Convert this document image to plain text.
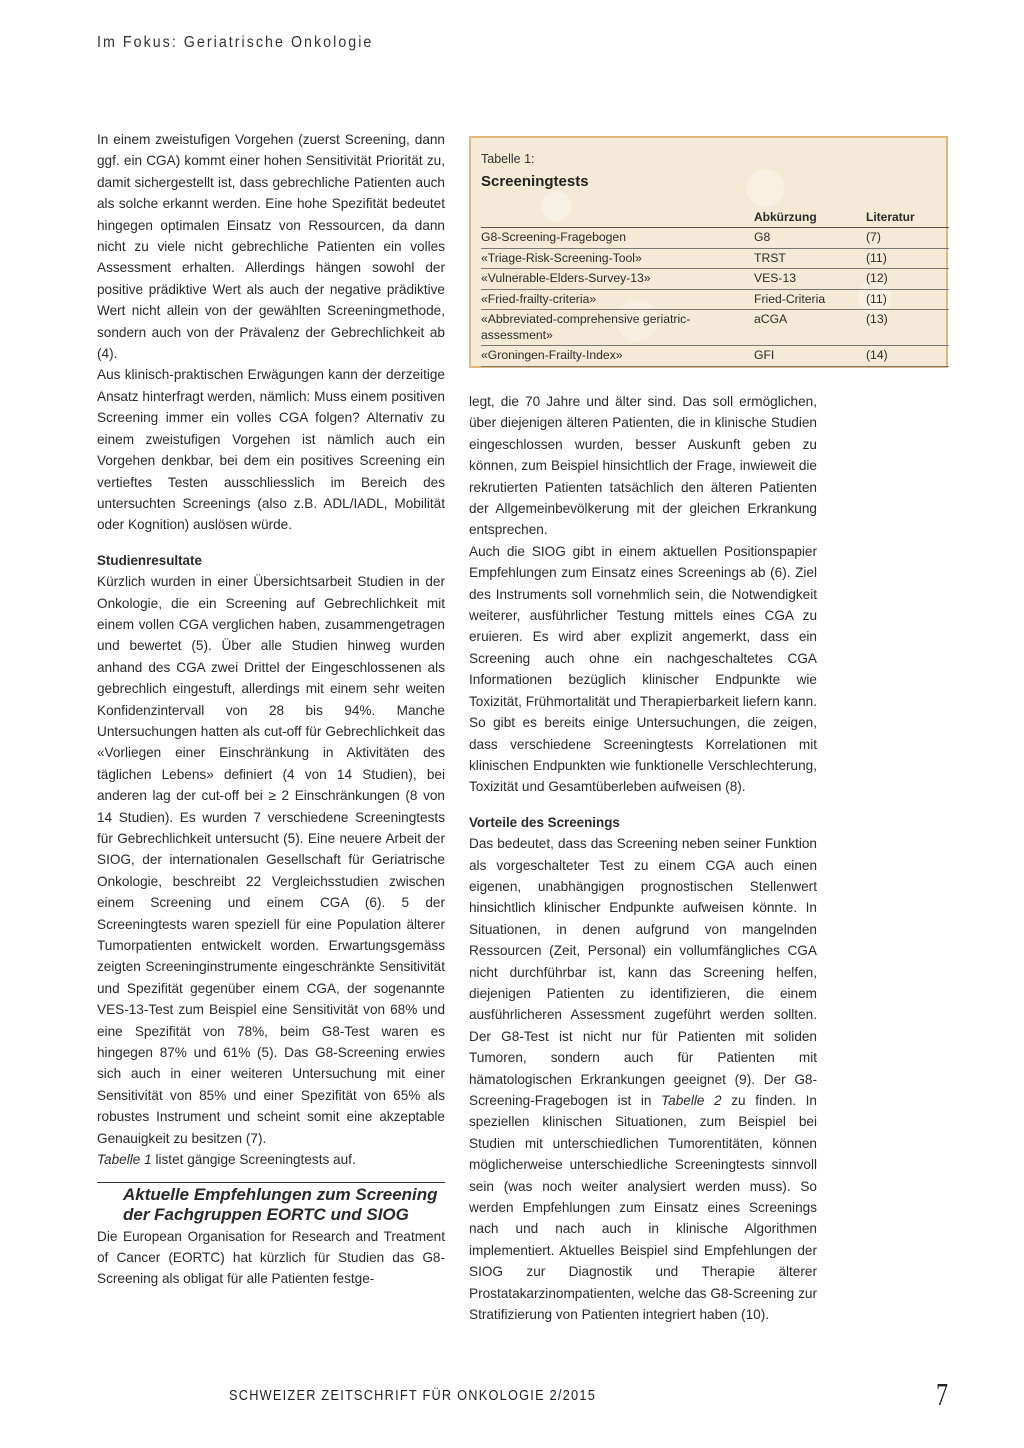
Im Fokus: Geriatrische Onkologie

In einem zweistufigen Vorgehen (zuerst Screening, dann ggf. ein CGA) kommt einer hohen Sensitivität Priorität zu, damit sichergestellt ist, dass gebrechliche Patienten auch als solche erkannt werden. Eine hohe Spezifität bedeutet hingegen optimalen Einsatz von Ressourcen, da dann nicht zu viele nicht gebrechliche Patienten ein volles Assessment erhalten. Allerdings hängen sowohl der positive prädiktive Wert als auch der negative prädiktive Wert nicht allein von der gewählten Screeningmethode, sondern auch von der Prävalenz der Gebrechlichkeit ab (4).

Aus klinisch-praktischen Erwägungen kann der derzeitige Ansatz hinterfragt werden, nämlich: Muss einem positiven Screening immer ein volles CGA folgen? Alternativ zu einem zweistufigen Vorgehen ist nämlich auch ein Vorgehen denkbar, bei dem ein positives Screening ein vertieftes Testen ausschliesslich im Bereich des untersuchten Screenings (also z.B. ADL/IADL, Mobilität oder Kognition) auslösen würde.

Studienresultate

Kürzlich wurden in einer Übersichtsarbeit Studien in der Onkologie, die ein Screening auf Gebrechlichkeit mit einem vollen CGA verglichen haben, zusammengetragen und bewertet (5). Über alle Studien hinweg wurden anhand des CGA zwei Drittel der Eingeschlossenen als gebrechlich eingestuft, allerdings mit einem sehr weiten Konfidenzintervall von 28 bis 94%. Manche Untersuchungen hatten als cut-off für Gebrechlichkeit das «Vorliegen einer Einschränkung in Aktivitäten des täglichen Lebens» definiert (4 von 14 Studien), bei anderen lag der cut-off bei ≥ 2 Einschränkungen (8 von 14 Studien). Es wurden 7 verschiedene Screeningtests für Gebrechlichkeit untersucht (5). Eine neuere Arbeit der SIOG, der internationalen Gesellschaft für Geriatrische Onkologie, beschreibt 22 Vergleichsstudien zwischen einem Screening und einem CGA (6). 5 der Screeningtests waren speziell für eine Population älterer Tumorpatienten entwickelt worden. Erwartungsgemäss zeigten Screeninginstrumente eingeschränkte Sensitivität und Spezifität gegenüber einem CGA, der sogenannte VES-13-Test zum Beispiel eine Sensitivität von 68% und eine Spezifität von 78%, beim G8-Test waren es hingegen 87% und 61% (5). Das G8-Screening erwies sich auch in einer weiteren Untersuchung mit einer Sensitivität von 85% und einer Spezifität von 65% als robustes Instrument und scheint somit eine akzeptable Genauigkeit zu besitzen (7).

Tabelle 1 listet gängige Screeningtests auf.

Aktuelle Empfehlungen zum Screening der Fachgruppen EORTC und SIOG

Die European Organisation for Research and Treatment of Cancer (EORTC) hat kürzlich für Studien das G8-Screening als obligat für alle Patienten festge-

Tabelle 1:
Screeningtests
	Abkürzung	Literatur
G8-Screening-Fragebogen	G8	(7)
«Triage-Risk-Screening-Tool»	TRST	(11)
«Vulnerable-Elders-Survey-13»	VES-13	(12)
«Fried-frailty-criteria»	Fried-Criteria	(11)
«Abbreviated-comprehensive geriatric-assessment»	aCGA	(13)
«Groningen-Frailty-Index»	GFI	(14)

legt, die 70 Jahre und älter sind. Das soll ermöglichen, über diejenigen älteren Patienten, die in klinische Studien eingeschlossen wurden, besser Auskunft geben zu können, zum Beispiel hinsichtlich der Frage, inwieweit die rekrutierten Patienten tatsächlich den älteren Patienten der Allgemeinbevölkerung mit der gleichen Erkrankung entsprechen.

Auch die SIOG gibt in einem aktuellen Positionspapier Empfehlungen zum Einsatz eines Screenings ab (6). Ziel des Instruments soll vornehmlich sein, die Notwendigkeit weiterer, ausführlicher Testung mittels eines CGA zu eruieren. Es wird aber explizit angemerkt, dass ein Screening auch ohne ein nachgeschaltetes CGA Informationen bezüglich klinischer Endpunkte wie Toxizität, Frühmortalität und Therapierbarkeit liefern kann. So gibt es bereits einige Untersuchungen, die zeigen, dass verschiedene Screeningtests Korrelationen mit klinischen Endpunkten wie funktionelle Verschlechterung, Toxizität und Gesamtüberleben aufweisen (8).

Vorteile des Screenings

Das bedeutet, dass das Screening neben seiner Funktion als vorgeschalteter Test zu einem CGA auch einen eigenen, unabhängigen prognostischen Stellenwert hinsichtlich klinischer Endpunkte aufweisen könnte. In Situationen, in denen aufgrund von mangelnden Ressourcen (Zeit, Personal) ein vollumfängliches CGA nicht durchführbar ist, kann das Screening helfen, diejenigen Patienten zu identifizieren, die einem ausführlicheren Assessment zugeführt werden sollten. Der G8-Test ist nicht nur für Patienten mit soliden Tumoren, sondern auch für Patienten mit hämatologischen Erkrankungen geeignet (9). Der G8-Screening-Fragebogen ist in Tabelle 2 zu finden. In speziellen klinischen Situationen, zum Beispiel bei Studien mit unterschiedlichen Tumorentitäten, können möglicherweise unterschiedliche Screeningtests sinnvoll sein (was noch weiter analysiert werden muss). So werden Empfehlungen zum Einsatz eines Screenings nach und nach auch in klinische Algorithmen implementiert. Aktuelles Beispiel sind Empfehlungen der SIOG zur Diagnostik und Therapie älterer Prostatakarzinompatienten, welche das G8-Screening zur Stratifizierung von Patienten integriert haben (10).

SCHWEIZER ZEITSCHRIFT FÜR ONKOLOGIE 2/2015	7
